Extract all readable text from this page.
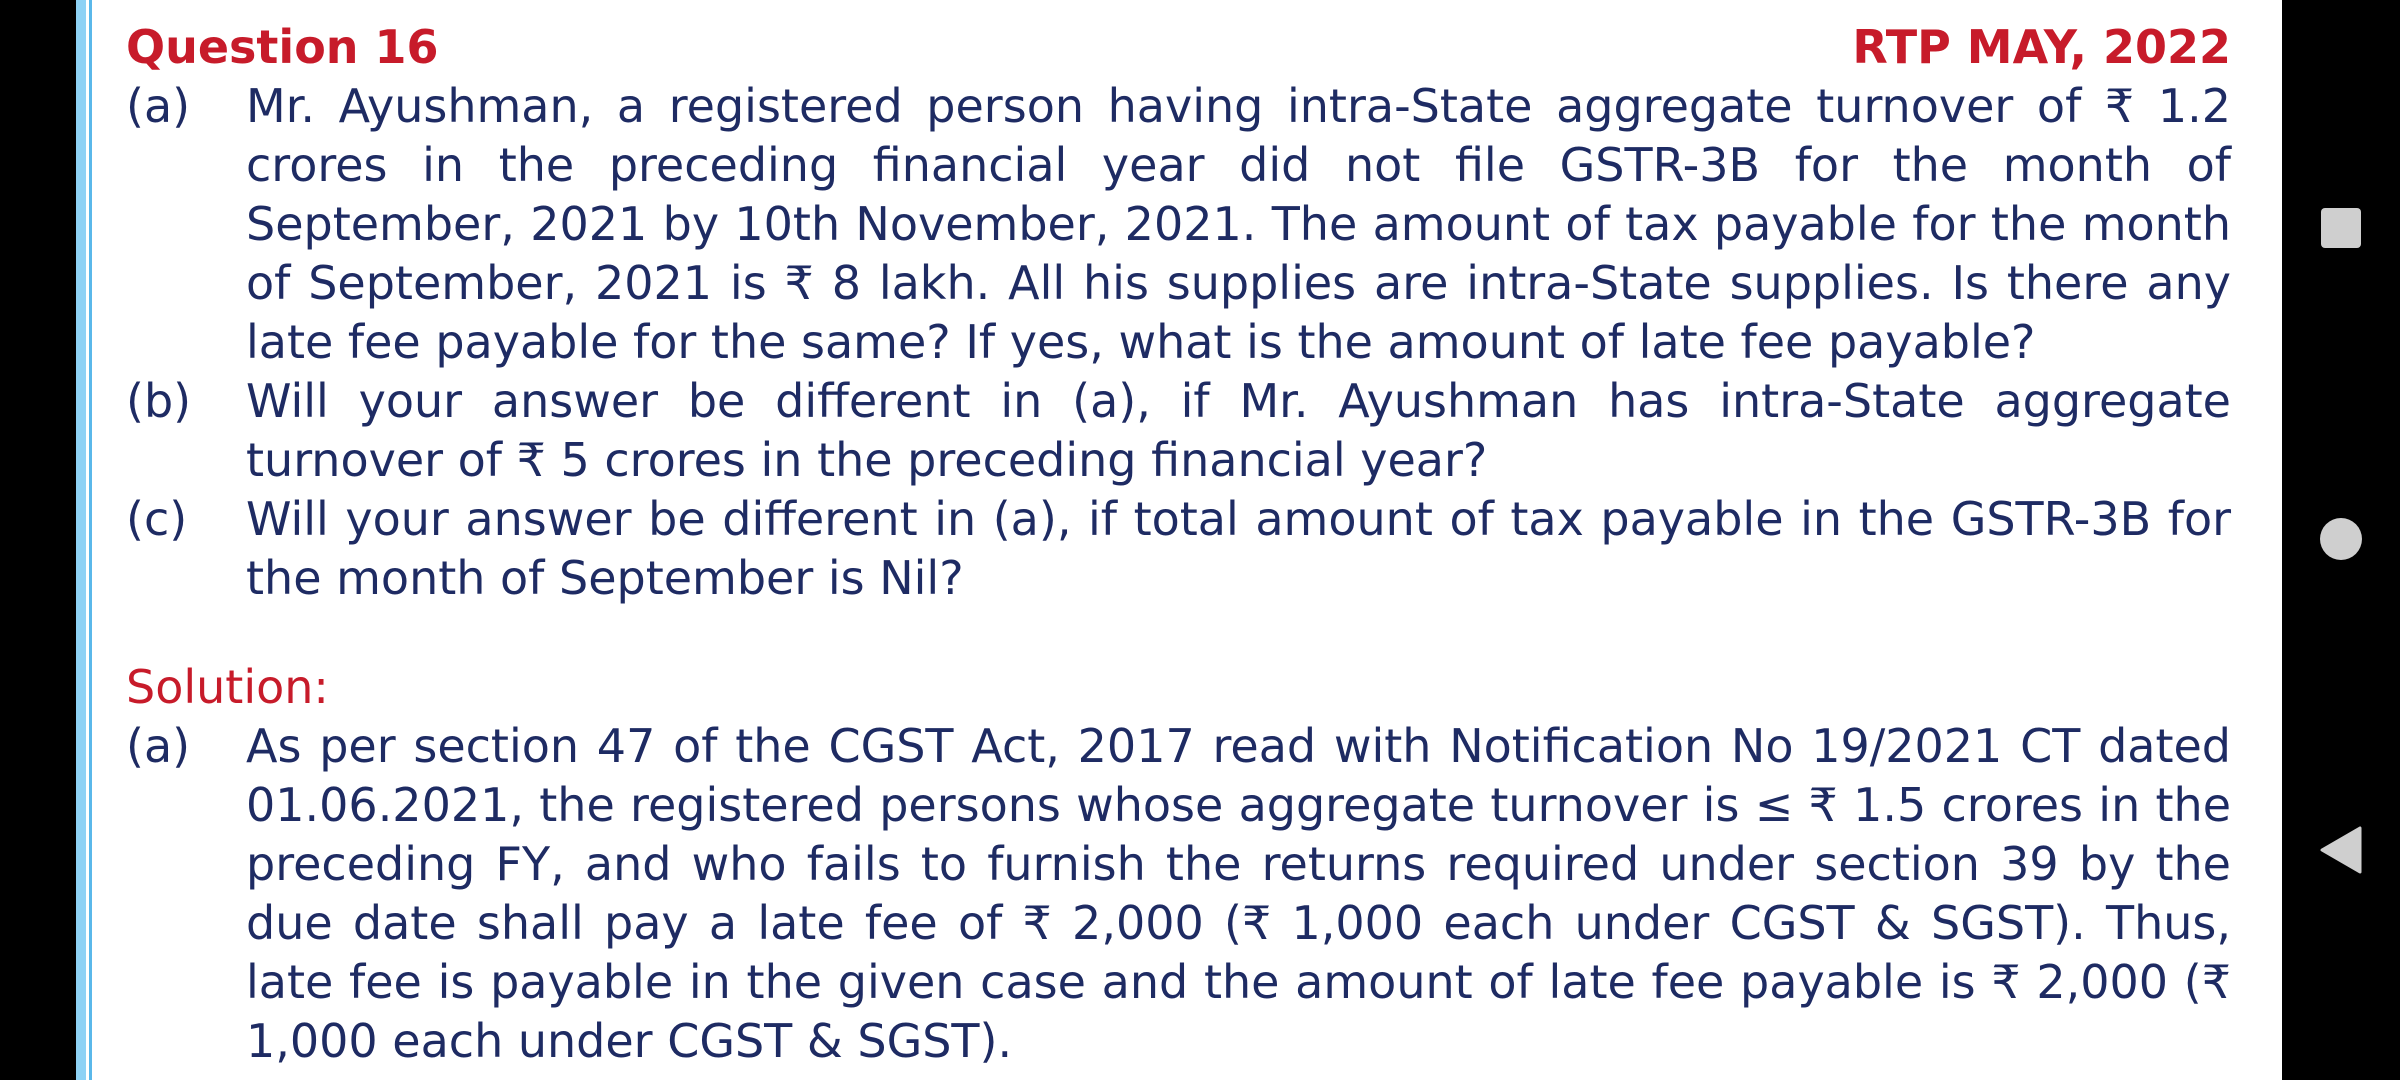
Question 16	RTP MAY, 2022
(a)	Mr. Ayushman, a registered person having intra-State aggregate turnover of ₹ 1.2 crores in the preceding financial year did not file GSTR-3B for the month of September, 2021 by 10th November, 2021. The amount of tax payable for the month of September, 2021 is ₹ 8 lakh. All his supplies are intra-State supplies. Is there any late fee payable for the same? If yes, what is the amount of late fee payable?
(b)	Will your answer be different in (a), if Mr. Ayushman has intra-State aggregate turnover of ₹ 5 crores in the preceding financial year?
(c)	Will your answer be different in (a), if total amount of tax payable in the GSTR-3B for the month of September is Nil?
Solution:
(a)	As per section 47 of the CGST Act, 2017 read with Notification No 19/2021 CT dated 01.06.2021, the registered persons whose aggregate turnover is ≤ ₹ 1.5 crores in the preceding FY, and who fails to furnish the returns required under section 39 by the due date shall pay a late fee of ₹ 2,000 (₹ 1,000 each under CGST & SGST). Thus, late fee is payable in the given case and the amount of late fee payable is ₹ 2,000 (₹ 1,000 each under CGST & SGST).
